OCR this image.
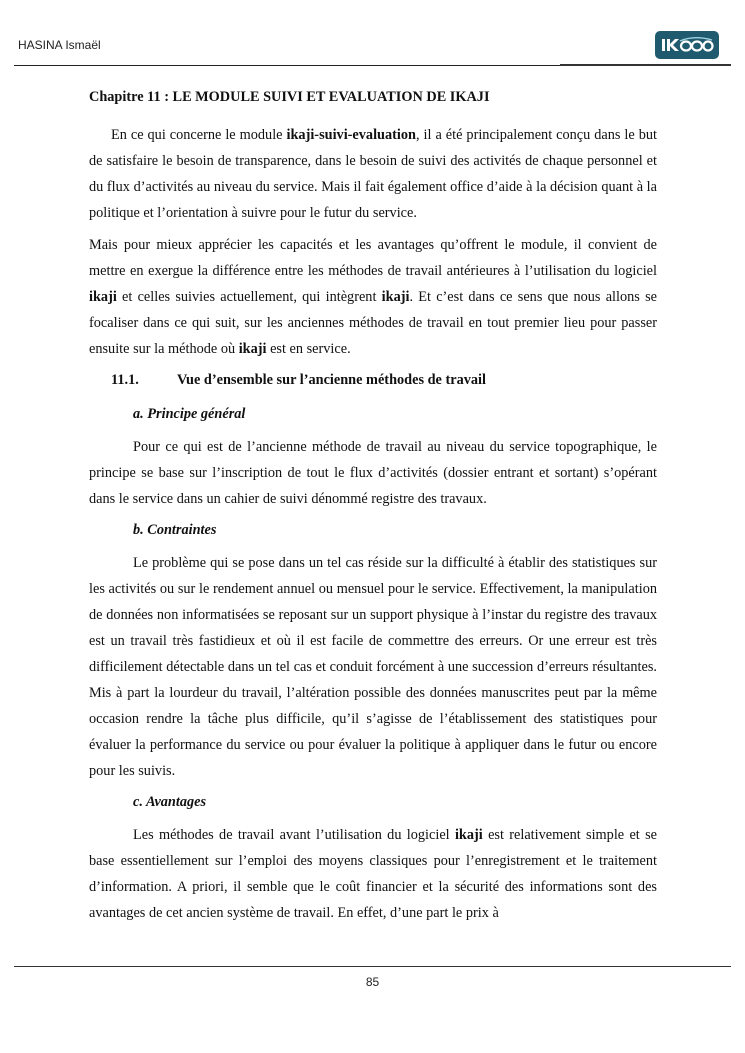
HASINA Ismaël
Chapitre 11 : LE MODULE SUIVI ET EVALUATION DE IKAJI

En ce qui concerne le module ikaji-suivi-evaluation, il a été principalement conçu dans le but de satisfaire le besoin de transparence, dans le besoin de suivi des activités de chaque personnel et du flux d’activités au niveau du service. Mais il fait également office d’aide à la décision quant à la politique et l’orientation à suivre pour le futur du service.

Mais pour mieux apprécier les capacités et les avantages qu’offrent le module, il convient de mettre en exergue la différence entre les méthodes de travail antérieures à l’utilisation du logiciel ikaji et celles suivies actuellement, qui intègrent ikaji. Et c’est dans ce sens que nous allons se focaliser dans ce qui suit, sur les anciennes méthodes de travail en tout premier lieu pour passer ensuite sur la méthode où ikaji est en service.

11.1.	Vue d’ensemble sur l’ancienne méthodes de travail
a. Principe général

Pour ce qui est de l’ancienne méthode de travail au niveau du service topographique, le principe se base sur l’inscription de tout le flux d’activités (dossier entrant et sortant) s’opérant dans le service dans un cahier de suivi dénommé registre des travaux.

b. Contraintes

Le problème qui se pose dans un tel cas réside sur la difficulté à établir des statistiques sur les activités ou sur le rendement annuel ou mensuel pour le service. Effectivement, la manipulation de données non informatisées se reposant sur un support physique à l’instar du registre des travaux est un travail très fastidieux et où il est facile de commettre des erreurs. Or une erreur est très difficilement détectable dans un tel cas et conduit forcément à une succession d’erreurs résultantes. Mis à part la lourdeur du travail, l’altération possible des données manuscrites peut par la même occasion rendre la tâche plus difficile, qu’il s’agisse de l’établissement des statistiques pour évaluer la performance du service ou pour évaluer la politique à appliquer dans le futur ou encore pour les suivis.

c. Avantages

Les méthodes de travail avant l’utilisation du logiciel ikaji est relativement simple et se base essentiellement sur l’emploi des moyens classiques pour l’enregistrement et le traitement d’information. A priori, il semble que le coût financier et la sécurité des informations sont des avantages de cet ancien système de travail. En effet, d’une part le prix à

85
